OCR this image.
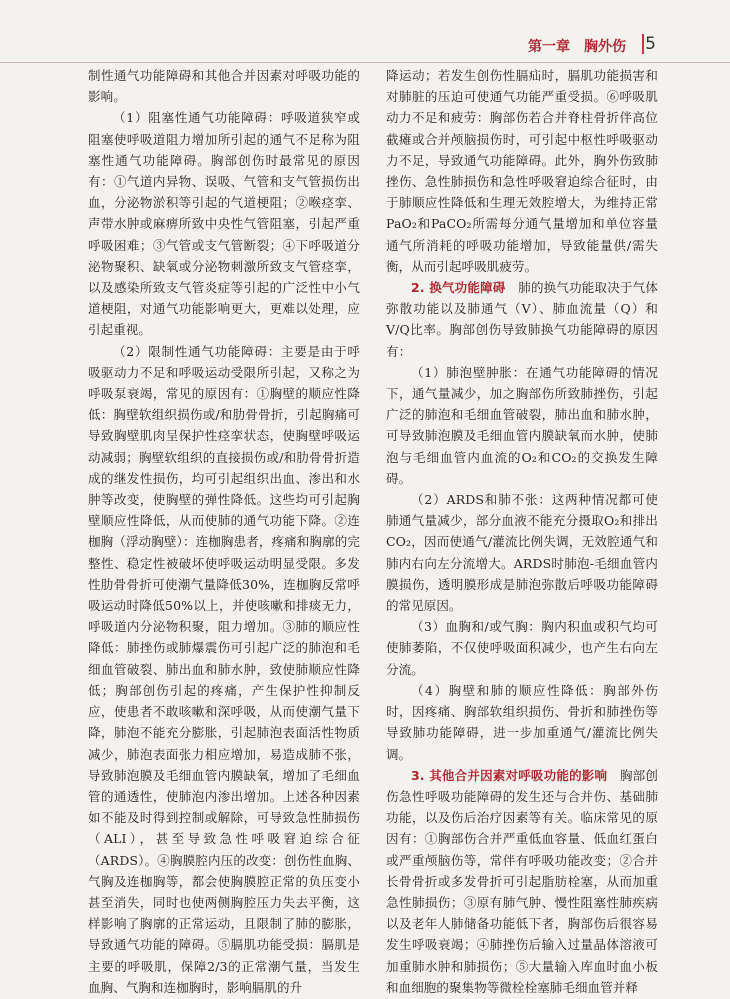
第一章　胸外伤 5

制性通气功能障碍和其他合并因素对呼吸功能的影响。

（1）阻塞性通气功能障碍：呼吸道狭窄或阻塞使呼吸道阻力增加所引起的通气不足称为阻塞性通气功能障碍。胸部创伤时最常见的原因有：①气道内异物、误吸、气管和支气管损伤出血，分泌物淤积等引起的气道梗阻；②喉痉挛、声带水肿或麻痹所致中央性气管阻塞，引起严重呼吸困难；③气管或支气管断裂；④下呼吸道分泌物聚积、缺氧或分泌物刺激所致支气管痉挛，以及感染所致支气管炎症等引起的广泛性中小气道梗阻，对通气功能影响更大，更难以处理，应引起重视。

（2）限制性通气功能障碍：主要是由于呼吸驱动力不足和呼吸运动受限所引起，又称之为呼吸泵衰竭，常见的原因有：①胸壁的顺应性降低：胸壁软组织损伤或/和肋骨骨折，引起胸痛可导致胸壁肌肉呈保护性痉挛状态，使胸壁呼吸运动减弱；胸壁软组织的直接损伤或/和肋骨骨折造成的继发性损伤，均可引起组织出血、渗出和水肿等改变，使胸壁的弹性降低。这些均可引起胸壁顺应性降低，从而使肺的通气功能下降。②连枷胸（浮动胸壁）：连枷胸患者，疼痛和胸廓的完整性、稳定性被破坏使呼吸运动明显受限。多发性肋骨骨折可使潮气量降低30%，连枷胸反常呼吸运动时降低50%以上，并使咳嗽和排痰无力，呼吸道内分泌物积聚，阻力增加。③肺的顺应性降低：肺挫伤或肺爆震伤可引起广泛的肺泡和毛细血管破裂、肺出血和肺水肿，致使肺顺应性降低；胸部创伤引起的疼痛，产生保护性抑制反应，使患者不敢咳嗽和深呼吸，从而使潮气量下降，肺泡不能充分膨胀，引起肺泡表面活性物质减少，肺泡表面张力相应增加，易造成肺不张，导致肺泡膜及毛细血管内膜缺氧，增加了毛细血管的通透性，使肺泡内渗出增加。上述各种因素如不能及时得到控制或解除，可导致急性肺损伤（ALI），甚至导致急性呼吸窘迫综合征（ARDS）。④胸膜腔内压的改变：创伤性血胸、气胸及连枷胸等，都会使胸膜腔正常的负压变小甚至消失，同时也使两侧胸腔压力失去平衡，这样影响了胸廓的正常运动，且限制了肺的膨胀，导致通气功能的障碍。⑤膈肌功能受损：膈肌是主要的呼吸肌，保障2/3的正常潮气量，当发生血胸、气胸和连枷胸时，影响膈肌的升

降运动；若发生创伤性膈疝时，膈肌功能损害和对肺脏的压迫可使通气功能严重受损。⑥呼吸肌动力不足和疲劳：胸部伤若合并脊柱骨折伴高位截瘫或合并颅脑损伤时，可引起中枢性呼吸驱动力不足，导致通气功能障碍。此外，胸外伤致肺挫伤、急性肺损伤和急性呼吸窘迫综合征时，由于肺顺应性降低和生理无效腔增大，为维持正常PaO₂和PaCO₂所需每分通气量增加和单位容量通气所消耗的呼吸功能增加，导致能量供/需失衡，从而引起呼吸肌疲劳。

2. 换气功能障碍　 肺的换气功能取决于气体弥散功能以及肺通气（V）、肺血流量（Q）和V/Q比率。胸部创伤导致肺换气功能障碍的原因有：

（1）肺泡壁肿胀：在通气功能障碍的情况下，通气量减少，加之胸部伤所致肺挫伤，引起广泛的肺泡和毛细血管破裂，肺出血和肺水肿，可导致肺泡膜及毛细血管内膜缺氧而水肿，使肺泡与毛细血管内血流的O₂和CO₂的交换发生障碍。

（2）ARDS和肺不张：这两种情况都可使肺通气量减少，部分血液不能充分摄取O₂和排出CO₂，因而使通气/灌流比例失调，无效腔通气和肺内右向左分流增大。ARDS时肺泡-毛细血管内膜损伤，透明膜形成是肺泡弥散后呼吸功能障碍的常见原因。

（3）血胸和/或气胸：胸内积血或积气均可使肺萎陷，不仅使呼吸面积减少，也产生右向左分流。

（4）胸壁和肺的顺应性降低：胸部外伤时，因疼痛、胸部软组织损伤、骨折和肺挫伤等导致肺功能障碍，进一步加重通气/灌流比例失调。

3. 其他合并因素对呼吸功能的影响　 胸部创伤急性呼吸功能障碍的发生还与合并伤、基础肺功能，以及伤后治疗因素等有关。临床常见的原因有：①胸部伤合并严重低血容量、低血红蛋白或严重颅脑伤等，常伴有呼吸功能改变；②合并长骨骨折或多发骨折可引起脂肪栓塞，从而加重急性肺损伤；③原有肺气肿、慢性阻塞性肺疾病以及老年人肺储备功能低下者，胸部伤后很容易发生呼吸衰竭；④肺挫伤后输入过量晶体溶液可加重肺水肿和肺损伤；⑤大量输入库血时血小板和血细胞的聚集物等微栓栓塞肺毛细血管并释
